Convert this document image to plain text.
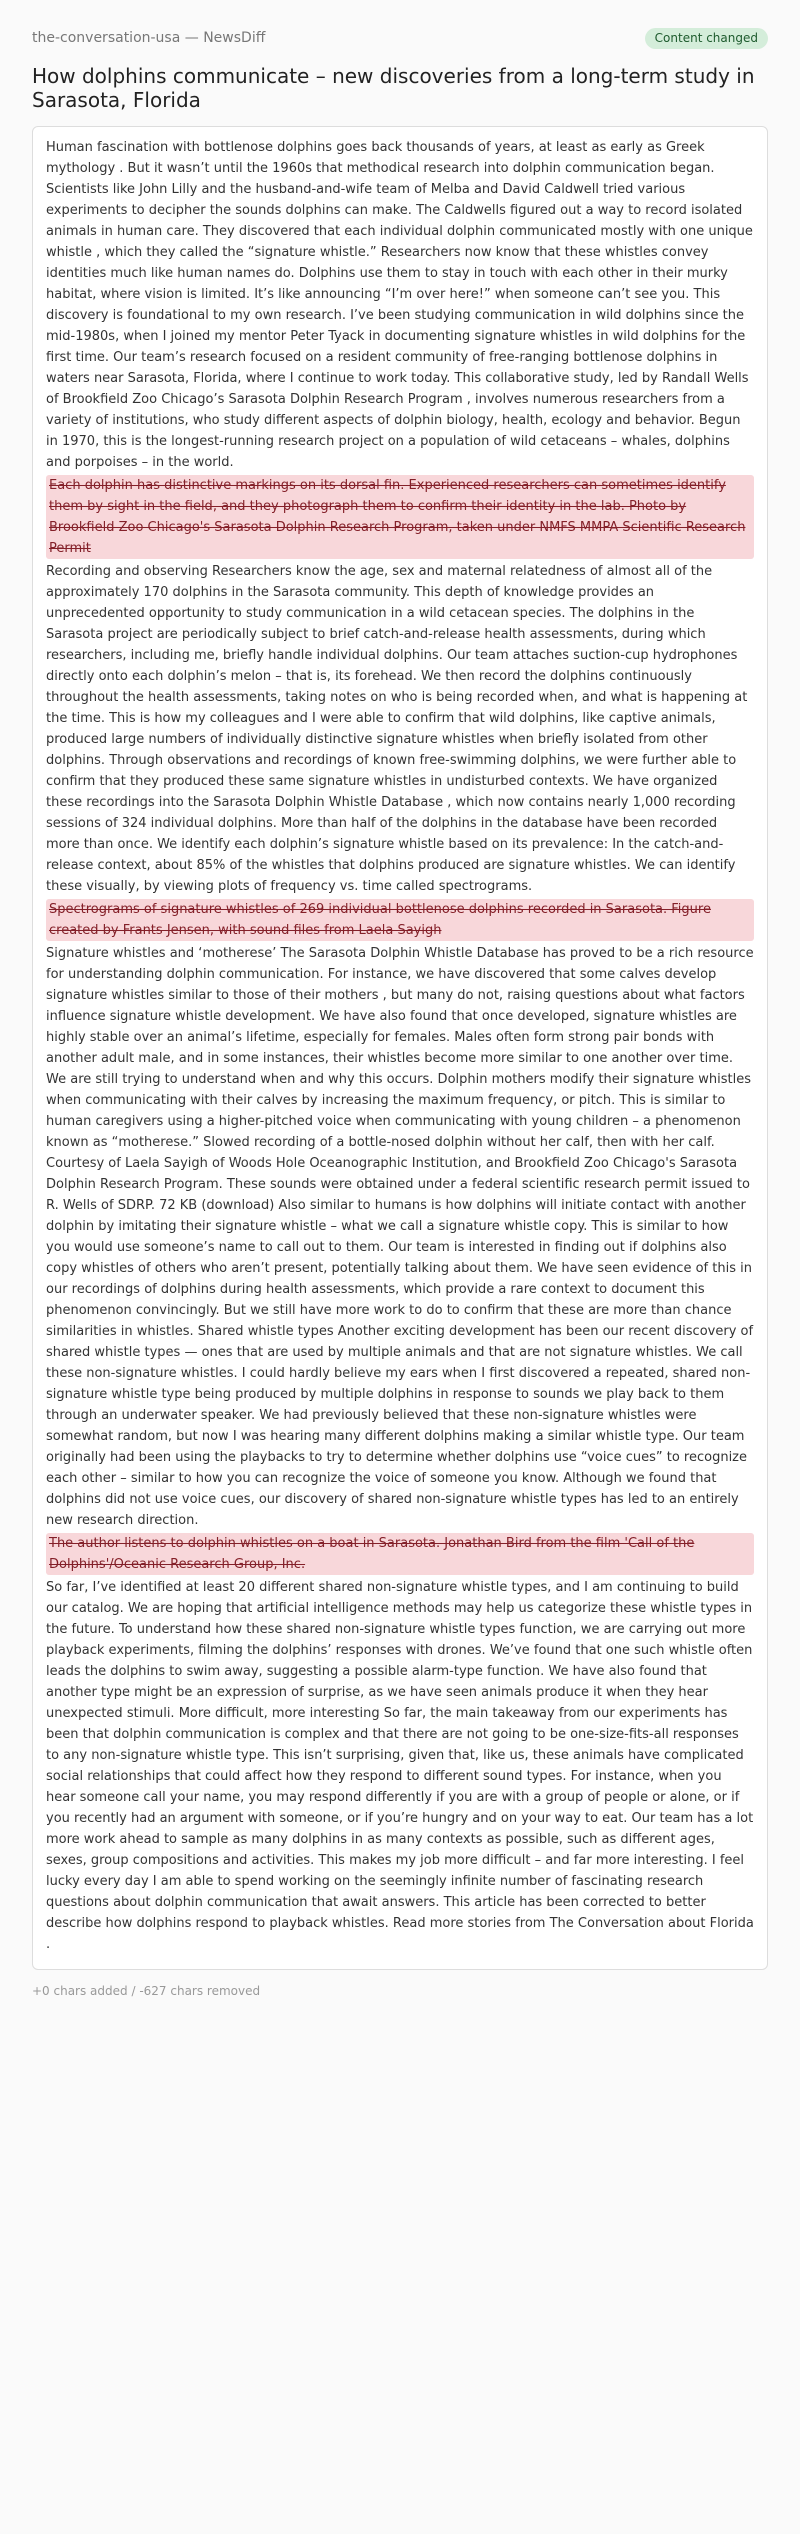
the-conversation-usa — NewsDiff	Content changed
How dolphins communicate – new discoveries from a long-term study in Sarasota, Florida

Human fascination with bottlenose dolphins goes back thousands of years, at least as early as Greek mythology . But it wasn’t until the 1960s that methodical research into dolphin communication began. Scientists like John Lilly and the husband-and-wife team of Melba and David Caldwell tried various experiments to decipher the sounds dolphins can make. The Caldwells figured out a way to record isolated animals in human care. They discovered that each individual dolphin communicated mostly with one unique whistle , which they called the “signature whistle.” Researchers now know that these whistles convey identities much like human names do. Dolphins use them to stay in touch with each other in their murky habitat, where vision is limited. It’s like announcing “I’m over here!” when someone can’t see you. This discovery is foundational to my own research. I’ve been studying communication in wild dolphins since the mid-1980s, when I joined my mentor Peter Tyack in documenting signature whistles in wild dolphins for the first time. Our team’s research focused on a resident community of free-ranging bottlenose dolphins in waters near Sarasota, Florida, where I continue to work today. This collaborative study, led by Randall Wells of Brookfield Zoo Chicago’s Sarasota Dolphin Research Program , involves numerous researchers from a variety of institutions, who study different aspects of dolphin biology, health, ecology and behavior. Begun in 1970, this is the longest-running research project on a population of wild cetaceans – whales, dolphins and porpoises – in the world.

Each dolphin has distinctive markings on its dorsal fin. Experienced researchers can sometimes identify them by sight in the field, and they photograph them to confirm their identity in the lab. Photo by Brookfield Zoo Chicago's Sarasota Dolphin Research Program, taken under NMFS MMPA Scientific Research Permit

Recording and observing Researchers know the age, sex and maternal relatedness of almost all of the approximately 170 dolphins in the Sarasota community. This depth of knowledge provides an unprecedented opportunity to study communication in a wild cetacean species. The dolphins in the Sarasota project are periodically subject to brief catch-and-release health assessments, during which researchers, including me, briefly handle individual dolphins. Our team attaches suction-cup hydrophones directly onto each dolphin’s melon – that is, its forehead. We then record the dolphins continuously throughout the health assessments, taking notes on who is being recorded when, and what is happening at the time. This is how my colleagues and I were able to confirm that wild dolphins, like captive animals, produced large numbers of individually distinctive signature whistles when briefly isolated from other dolphins. Through observations and recordings of known free-swimming dolphins, we were further able to confirm that they produced these same signature whistles in undisturbed contexts. We have organized these recordings into the Sarasota Dolphin Whistle Database , which now contains nearly 1,000 recording sessions of 324 individual dolphins. More than half of the dolphins in the database have been recorded more than once. We identify each dolphin’s signature whistle based on its prevalence: In the catch-and-release context, about 85% of the whistles that dolphins produced are signature whistles. We can identify these visually, by viewing plots of frequency vs. time called spectrograms.

Spectrograms of signature whistles of 269 individual bottlenose dolphins recorded in Sarasota. Figure created by Frants Jensen, with sound files from Laela Sayigh

Signature whistles and ‘motherese’ The Sarasota Dolphin Whistle Database has proved to be a rich resource for understanding dolphin communication. For instance, we have discovered that some calves develop signature whistles similar to those of their mothers , but many do not, raising questions about what factors influence signature whistle development. We have also found that once developed, signature whistles are highly stable over an animal’s lifetime, especially for females. Males often form strong pair bonds with another adult male, and in some instances, their whistles become more similar to one another over time. We are still trying to understand when and why this occurs. Dolphin mothers modify their signature whistles when communicating with their calves by increasing the maximum frequency, or pitch. This is similar to human caregivers using a higher-pitched voice when communicating with young children – a phenomenon known as “motherese.” Slowed recording of a bottle-nosed dolphin without her calf, then with her calf. Courtesy of Laela Sayigh of Woods Hole Oceanographic Institution, and Brookfield Zoo Chicago's Sarasota Dolphin Research Program. These sounds were obtained under a federal scientific research permit issued to R. Wells of SDRP. 72 KB (download) Also similar to humans is how dolphins will initiate contact with another dolphin by imitating their signature whistle – what we call a signature whistle copy. This is similar to how you would use someone’s name to call out to them. Our team is interested in finding out if dolphins also copy whistles of others who aren’t present, potentially talking about them. We have seen evidence of this in our recordings of dolphins during health assessments, which provide a rare context to document this phenomenon convincingly. But we still have more work to do to confirm that these are more than chance similarities in whistles. Shared whistle types Another exciting development has been our recent discovery of shared whistle types — ones that are used by multiple animals and that are not signature whistles. We call these non-signature whistles. I could hardly believe my ears when I first discovered a repeated, shared non-signature whistle type being produced by multiple dolphins in response to sounds we play back to them through an underwater speaker. We had previously believed that these non-signature whistles were somewhat random, but now I was hearing many different dolphins making a similar whistle type. Our team originally had been using the playbacks to try to determine whether dolphins use “voice cues” to recognize each other – similar to how you can recognize the voice of someone you know. Although we found that dolphins did not use voice cues, our discovery of shared non-signature whistle types has led to an entirely new research direction.

The author listens to dolphin whistles on a boat in Sarasota. Jonathan Bird from the film 'Call of the Dolphins'/Oceanic Research Group, Inc.

So far, I’ve identified at least 20 different shared non-signature whistle types, and I am continuing to build our catalog. We are hoping that artificial intelligence methods may help us categorize these whistle types in the future. To understand how these shared non-signature whistle types function, we are carrying out more playback experiments, filming the dolphins’ responses with drones. We’ve found that one such whistle often leads the dolphins to swim away, suggesting a possible alarm-type function. We have also found that another type might be an expression of surprise, as we have seen animals produce it when they hear unexpected stimuli. More difficult, more interesting So far, the main takeaway from our experiments has been that dolphin communication is complex and that there are not going to be one-size-fits-all responses to any non-signature whistle type. This isn’t surprising, given that, like us, these animals have complicated social relationships that could affect how they respond to different sound types. For instance, when you hear someone call your name, you may respond differently if you are with a group of people or alone, or if you recently had an argument with someone, or if you’re hungry and on your way to eat. Our team has a lot more work ahead to sample as many dolphins in as many contexts as possible, such as different ages, sexes, group compositions and activities. This makes my job more difficult – and far more interesting. I feel lucky every day I am able to spend working on the seemingly infinite number of fascinating research questions about dolphin communication that await answers. This article has been corrected to better describe how dolphins respond to playback whistles. Read more stories from The Conversation about Florida .

+0 chars added / -627 chars removed
